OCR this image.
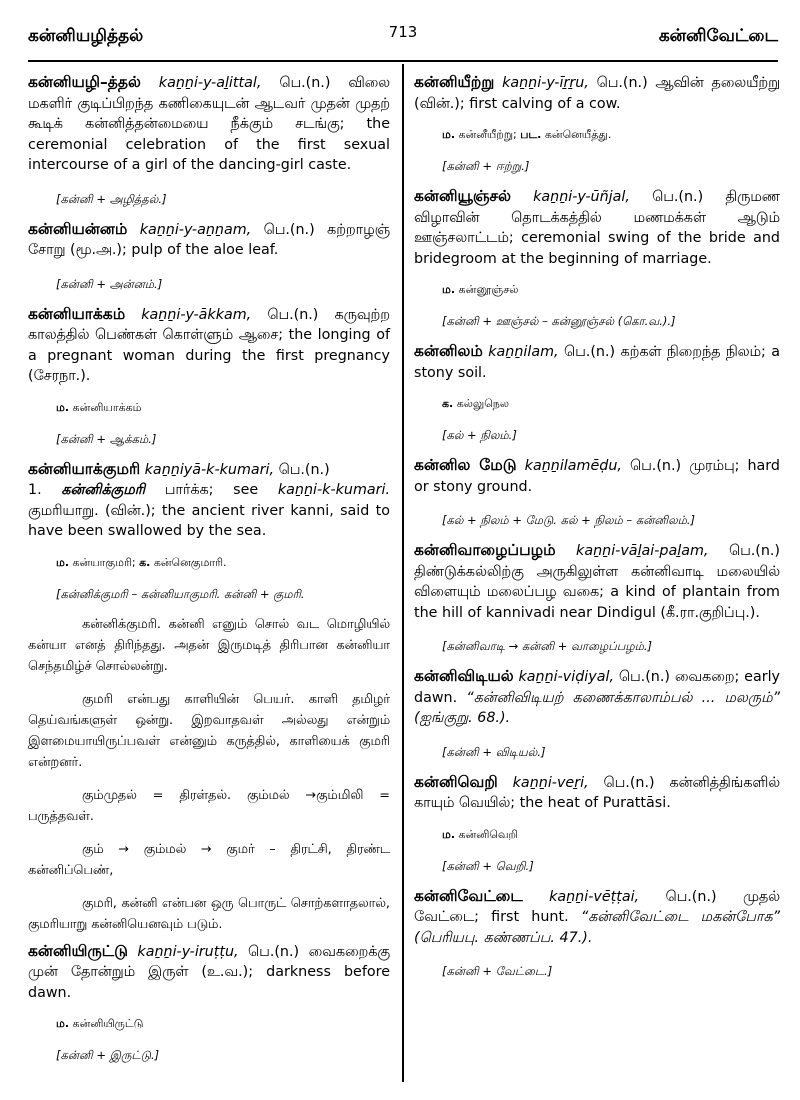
கன்னியழித்தல்	713	கன்னிவேட்டை

கன்னியழி–த்தல் kaṉṉi-y-aḻittal, பெ.(n.) விலை மகளிர் குடிப்பிறந்த கணிகையுடன் ஆடவர் முதன் முதற் கூடிக் கன்னித்தன்மையை நீக்கும் சடங்கு; the ceremonial celebration of the first sexual intercourse of a girl of the dancing-girl caste.

[கன்னி + அழித்தல்.]

கன்னியன்னம் kaṉṉi-y-aṉṉam, பெ.(n.) கற்றாழஞ் சோறு (மூ.அ.); pulp of the aloe leaf.

[கன்னி + அன்னம்.]

கன்னியாக்கம் kaṉṉi-y-ākkam, பெ.(n.) கருவுற்ற காலத்தில் பெண்கள் கொள்ளும் ஆசை; the longing of a pregnant woman during the first pregnancy (சேரநா.).

ம. கன்னியாக்கம்
[கன்னி + ஆக்கம்.]

கன்னியாக்குமரி kaṉṉiyā-k-kumari, பெ.(n.)
1. கன்னிக்குமரி பார்க்க; see kaṉṉi-k-kumari. குமரியாறு. (வின்.); the ancient river kanni, said to have been swallowed by the sea.

ம. கன்யாகுமரி; க. கன்னெகுமாரி.
[கன்னிக்குமரி – கன்னியாகுமரி. கன்னி + குமரி.

கன்னிக்குமரி. கன்னி எனும் சொல் வட மொழியில் கன்யா எனத் திரிந்தது. அதன் இருமடித் திரிபான கன்னியா செந்தமிழ்ச் சொல்லன்று.

குமரி என்பது காளியின் பெயர். காளி தமிழர் தெய்வங்களுள் ஒன்று. இறவாதவள் அல்லது என்றும் இளமையாயிருப்பவள் என்னும் கருத்தில், காளியைக் குமரி என்றனர்.

கும்முதல் = திரள்தல். கும்மல் →கும்மிலி = பருத்தவள்.

கும் → கும்மல் → குமர் – திரட்சி, திரண்ட கன்னிப்பெண்,

குமரி, கன்னி என்பன ஒரு பொருட் சொற்களாதலால், குமரியாறு கன்னியெனவும் படும்.

கன்னியிருட்டு kaṉṉi-y-iruṭṭu, பெ.(n.) வைகறைக்கு முன் தோன்றும் இருள் (உ.வ.); darkness before dawn.

ம. கன்னியிருட்டு
[கன்னி + இருட்டு.]

கன்னியீற்று kaṉṉi-y-īṟṟu, பெ.(n.) ஆவின் தலையீற்று (வின்.); first calving of a cow.

ம. கன்னீயீற்று; பட. கன்னெயீத்து.
[கன்னி + ஈற்று.]

கன்னியூஞ்சல் kaṉṉi-y-ūñjal, பெ.(n.) திருமண விழாவின் தொடக்கத்தில் மணமக்கள் ஆடும் ஊஞ்சலாட்டம்; ceremonial swing of the bride and bridegroom at the beginning of marriage.

ம. கன்னூஞ்சல்
[கன்னி + ஊஞ்சல் – கன்னூஞ்சல் (கொ.வ.).]

கன்னிலம் kaṉṉilam, பெ.(n.) கற்கள் நிறைந்த நிலம்; a stony soil.

க. கல்லுநெல
[கல் + நிலம்.]

கன்னில மேடு kaṉṉilamēḍu, பெ.(n.) முரம்பு; hard or stony ground.

[கல் + நிலம் + மேடு. கல் + நிலம் – கன்னிலம்.]

கன்னிவாழைப்பழம் kaṉṉi-vāḻai-paḻam, பெ.(n.) திண்டுக்கல்லிற்கு அருகிலுள்ள கன்னிவாடி மலையில் விளையும் மலைப்பழ வகை; a kind of plantain from the hill of kannivadi near Dindigul (கீ.ரா.குறிப்பு.).

[கன்னிவாடி → கன்னி + வாழைப்பழம்.]

கன்னிவிடியல் kaṉṉi-viḍiyal, பெ.(n.) வைகறை; early dawn. “கன்னிவிடியற் கணைக்காலாம்பல் ... மலரும்” (ஐங்குறு. 68.).

[கன்னி + விடியல்.]

கன்னிவெறி kaṉṉi-veṟi, பெ.(n.) கன்னித்திங்களில் காயும் வெயில்; the heat of Purattāsi.

ம. கன்னிவெறி
[கன்னி + வெறி.]

கன்னிவேட்டை kaṉṉi-vēṭṭai, பெ.(n.) முதல் வேட்டை; first hunt. “கன்னிவேட்டை மகன்போக” (பெரியபு. கண்ணப்ப. 47.).

[கன்னி + வேட்டை.]
